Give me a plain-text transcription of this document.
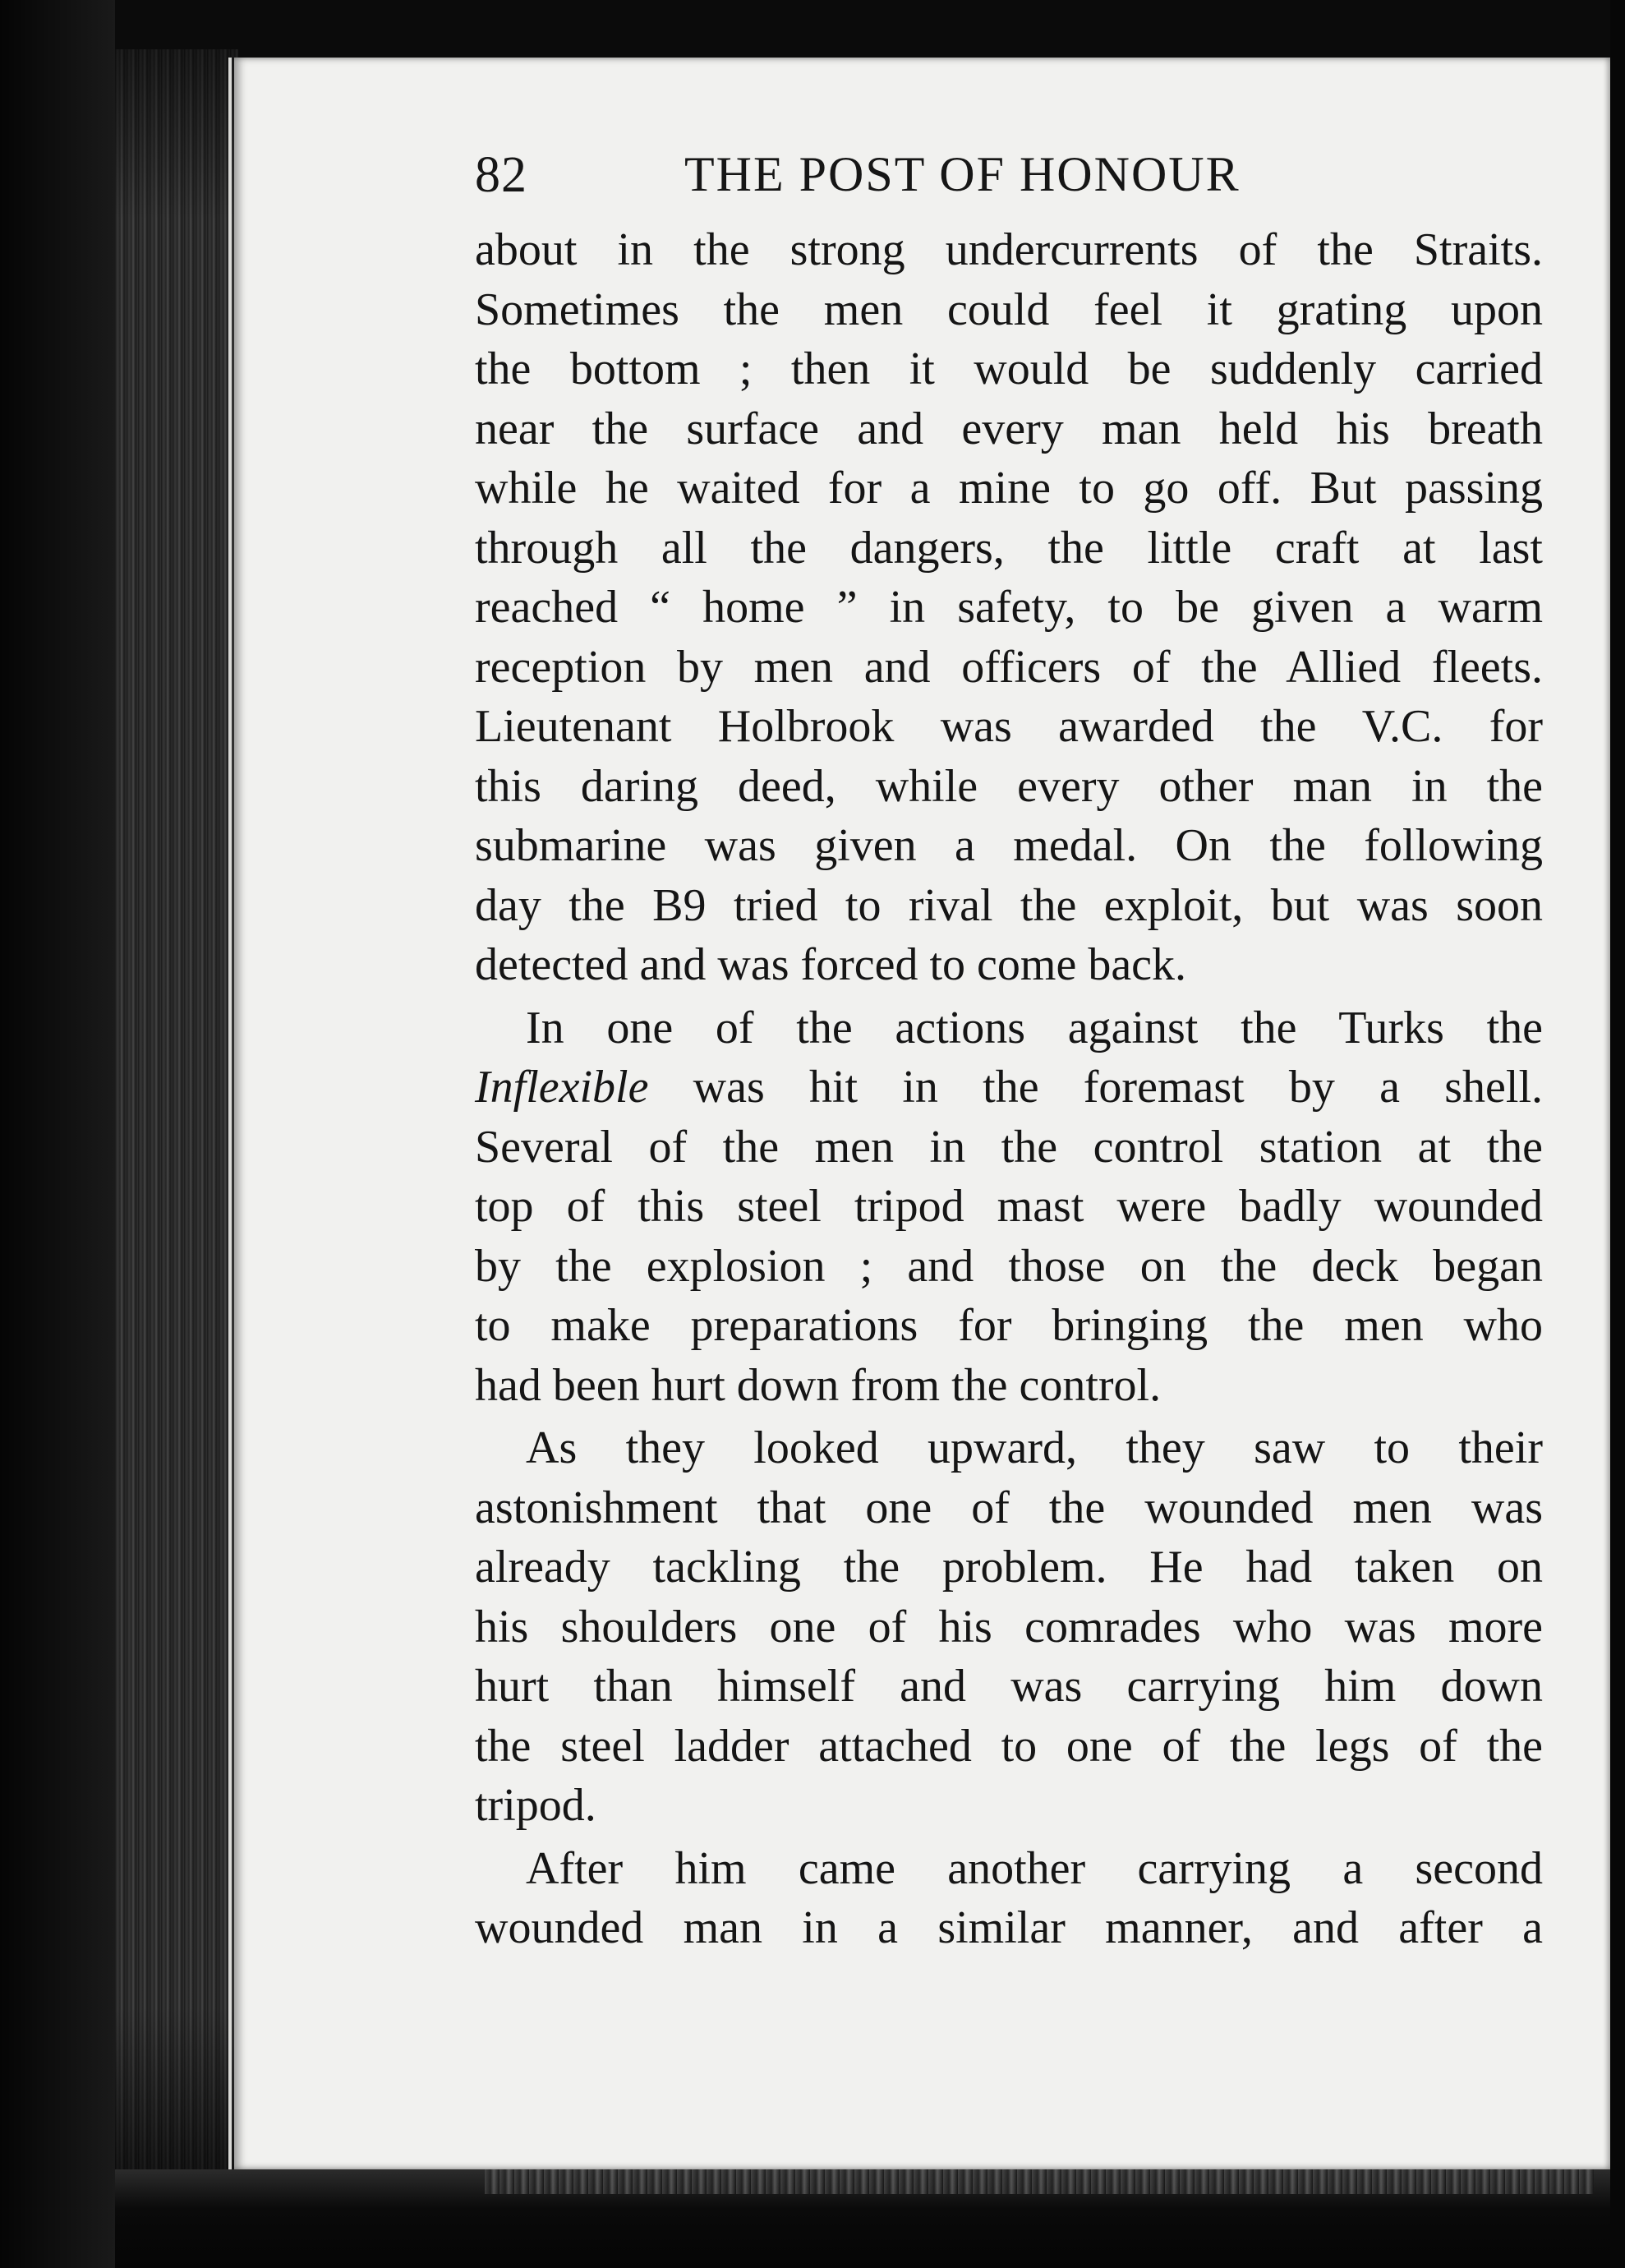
82	THE POST OF HONOUR
about in the strong undercurrents of the Straits.
Sometimes the men could feel it grating upon
the bottom ; then it would be suddenly carried
near the surface and every man held his breath
while he waited for a mine to go off. But passing
through all the dangers, the little craft at last
reached “ home ” in safety, to be given a warm
reception by men and officers of the Allied fleets.
Lieutenant Holbrook was awarded the V.C. for
this daring deed, while every other man in the
submarine was given a medal. On the following
day the B9 tried to rival the exploit, but was soon
detected and was forced to come back.
In one of the actions against the Turks the
Inflexible was hit in the foremast by a shell.
Several of the men in the control station at the
top of this steel tripod mast were badly wounded
by the explosion ; and those on the deck began
to make preparations for bringing the men who
had been hurt down from the control.
As they looked upward, they saw to their
astonishment that one of the wounded men was
already tackling the problem. He had taken on
his shoulders one of his comrades who was more
hurt than himself and was carrying him down
the steel ladder attached to one of the legs of the
tripod.
After him came another carrying a second
wounded man in a similar manner, and after a
